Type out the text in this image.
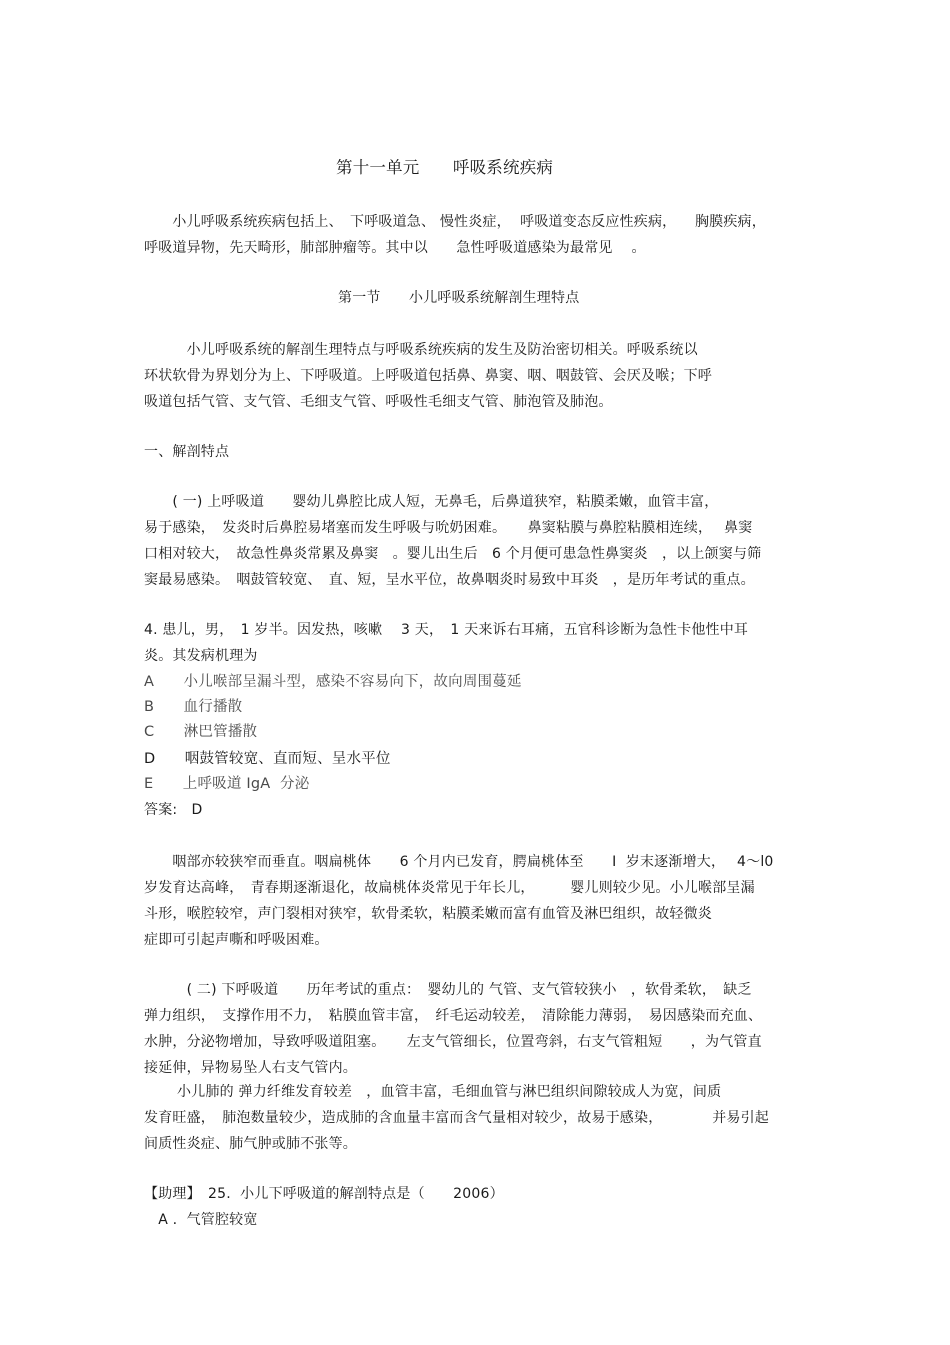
第十一单元　　呼吸系统疾病
　　小儿呼吸系统疾病包括上、　下呼吸道急、 慢性炎症，  呼吸道变态反应性疾病，    胸膜疾病，
呼吸道异物，先天畸形，肺部肿瘤等。其中以　　急性呼吸道感染为最常见　 。
第一节　　小儿呼吸系统解剖生理特点
　　　小儿呼吸系统的解剖生理特点与呼吸系统疾病的发生及防治密切相关。呼吸系统以
环状软骨为界划分为上、下呼吸道。上呼吸道包括鼻、鼻窦、咽、咽鼓管、会厌及喉；下呼
吸道包括气管、支气管、毛细支气管、呼吸性毛细支气管、肺泡管及肺泡。
一、解剖特点
　　( 一) 上呼吸道　　婴幼儿鼻腔比成人短，无鼻毛，后鼻道狭窄，粘膜柔嫩，血管丰富，
易于感染，　发炎时后鼻腔易堵塞而发生呼吸与吮奶困难。　　鼻窦粘膜与鼻腔粘膜相连续，　 鼻窦
口相对较大，　故急性鼻炎常累及鼻窦　。婴儿出生后　6 个月便可患急性鼻窦炎　，以上颌窦与筛
窦最易感染。　咽鼓管较宽、　直、短，呈水平位，故鼻咽炎时易致中耳炎　，是历年考试的重点。
4. 患儿，男，　1 岁半。因发热，咳嗽　 3 天，　1 天来诉右耳痛，五官科诊断为急性卡他性中耳
炎。其发病机理为
A　　小儿喉部呈漏斗型，感染不容易向下，故向周围蔓延
B　　血行播散
C　　淋巴管播散
D　　咽鼓管较宽、直而短、呈水平位
E　　上呼吸道 IgA  分泌
答案:　D
　　咽部亦较狭窄而垂直。咽扁桃体　　6 个月内已发育，腭扁桃体至　　I  岁末逐渐增大，　 4～l0
岁发育达高峰，　青春期逐渐退化，故扁桃体炎常见于年长儿，　　　婴儿则较少见。小儿喉部呈漏
斗形，喉腔较窄，声门裂相对狭窄，软骨柔软，粘膜柔嫩而富有血管及淋巴组织，故轻微炎
症即可引起声嘶和呼吸困难。
　　　( 二) 下呼吸道　　历年考试的重点：　婴幼儿的 气管、支气管较狭小　，软骨柔软，　缺乏
弹力组织，　支撑作用不力，　粘膜血管丰富，　纤毛运动较差，　清除能力薄弱，　易因感染而充血、
水肿，分泌物增加，导致呼吸道阻塞。　　左支气管细长，位置弯斜，右支气管粗短　　，为气管直
接延伸，异物易坠人右支气管内。
　　 小儿肺的 弹力纤维发育较差　，血管丰富，毛细血管与淋巴组织间隙较成人为宽，间质
发育旺盛，　肺泡数量较少，造成肺的含血量丰富而含气量相对较少，故易于感染，　　　　并易引起
间质性炎症、肺气肿或肺不张等。
【助理】　25.  小儿下呼吸道的解剖特点是（　　2006）
　A .  气管腔较宽
